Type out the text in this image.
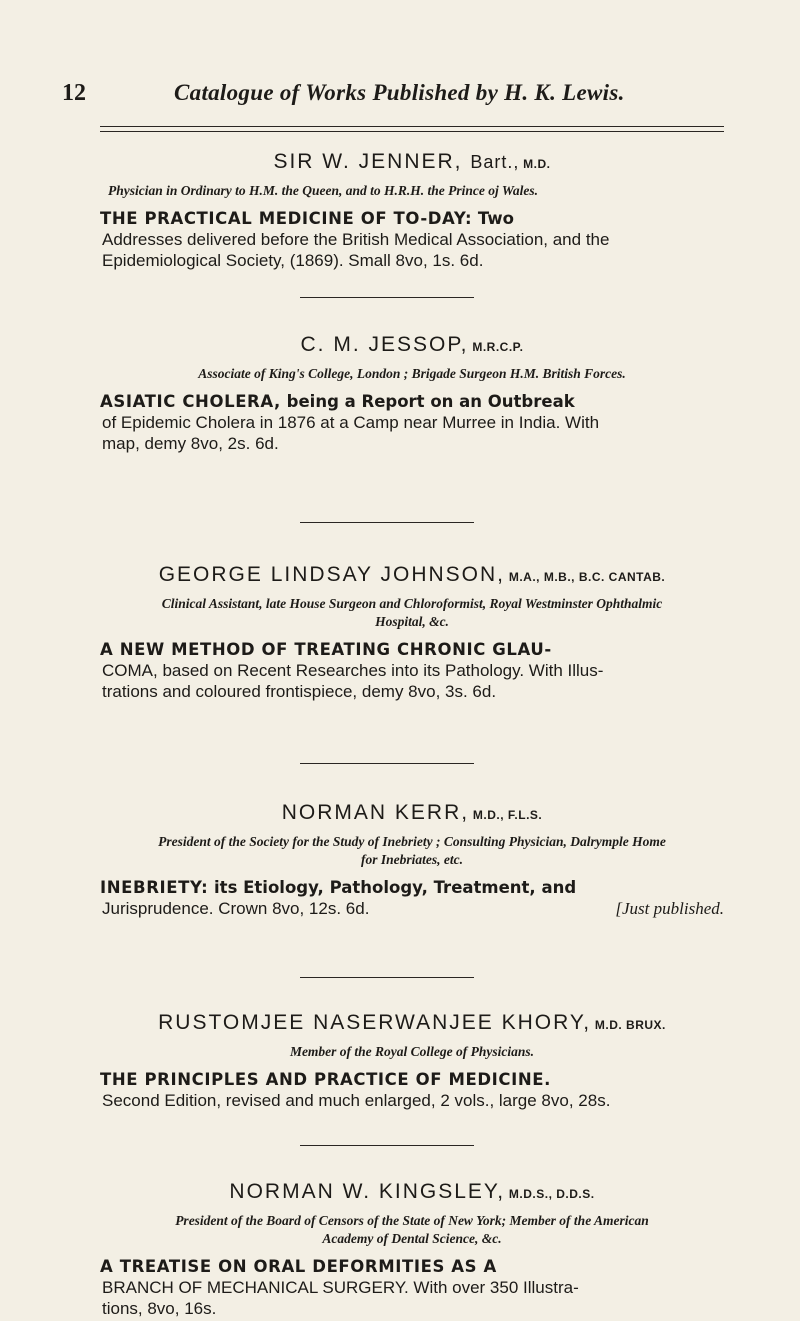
12	Catalogue of Works Published by H. K. Lewis.
SIR W. JENNER, Bart., M.D.
Physician in Ordinary to H.M. the Queen, and to H.R.H. the Prince oj Wales.
THE PRACTICAL MEDICINE OF TO-DAY: Two
Addresses delivered before the British Medical Association, and the
Epidemiological Society, (1869). Small 8vo, 1s. 6d.
C. M. JESSOP, M.R.C.P.
Associate of King's College, London ; Brigade Surgeon H.M. British Forces.
ASIATIC CHOLERA, being a Report on an Outbreak
of Epidemic Cholera in 1876 at a Camp near Murree in India. With
map, demy 8vo, 2s. 6d.
GEORGE LINDSAY JOHNSON, M.A., M.B., B.C. CANTAB.
Clinical Assistant, late House Surgeon and Chloroformist, Royal Westminster Ophthalmic
Hospital, &c.
A NEW METHOD OF TREATING CHRONIC GLAU-
COMA, based on Recent Researches into its Pathology. With Illus-
trations and coloured frontispiece, demy 8vo, 3s. 6d.
NORMAN KERR, M.D., F.L.S.
President of the Society for the Study of Inebriety ; Consulting Physician, Dalrymple Home
for Inebriates, etc.
INEBRIETY: its Etiology, Pathology, Treatment, and
Jurisprudence. Crown 8vo, 12s. 6d.	[Just published.
RUSTOMJEE NASERWANJEE KHORY, M.D. BRUX.
Member of the Royal College of Physicians.
THE PRINCIPLES AND PRACTICE OF MEDICINE.
Second Edition, revised and much enlarged, 2 vols., large 8vo, 28s.
NORMAN W. KINGSLEY, M.D.S., D.D.S.
President of the Board of Censors of the State of New York; Member of the American
Academy of Dental Science, &c.
A TREATISE ON ORAL DEFORMITIES AS A
BRANCH OF MECHANICAL SURGERY. With over 350 Illustra-
tions, 8vo, 16s.
